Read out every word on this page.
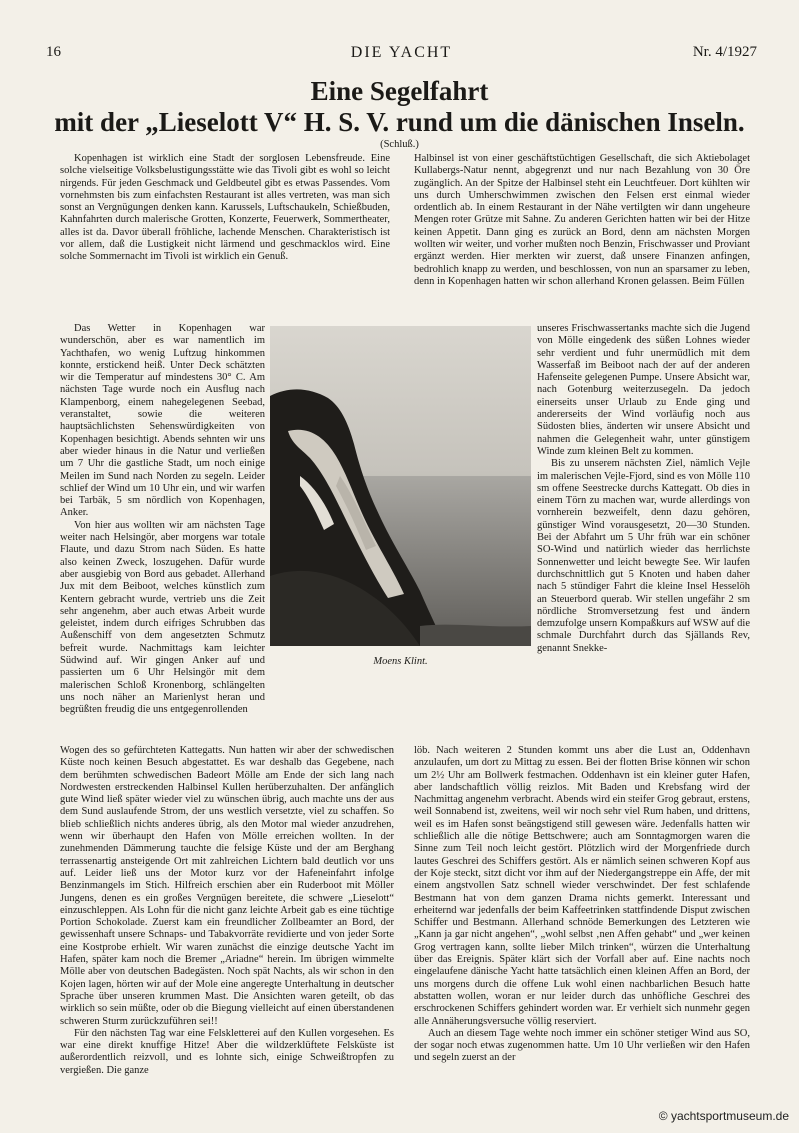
16	DIE YACHT	Nr. 4/1927
Eine Segelfahrt
mit der „Lieselott V“ H. S. V. rund um die dänischen Inseln.
(Schluß.)

Kopenhagen ist wirklich eine Stadt der sorglosen Lebensfreude. Eine solche vielseitige Volksbelustigungsstätte wie das Tivoli gibt es wohl so leicht nirgends. Für jeden Geschmack und Geldbeutel gibt es etwas Passendes. Vom vornehmsten bis zum einfachsten Restaurant ist alles vertreten, was man sich sonst an Vergnügungen denken kann. Karussels, Luftschaukeln, Schießbuden, Kahnfahrten durch malerische Grotten, Konzerte, Feuerwerk, Sommertheater, alles ist da. Davor überall fröhliche, lachende Menschen. Charakteristisch ist vor allem, daß die Lustigkeit nicht lärmend und geschmacklos wird. Eine solche Sommernacht im Tivoli ist wirklich ein Genuß.

Das Wetter in Kopenhagen war wunderschön, aber es war namentlich im Yachthafen, wo wenig Luftzug hinkommen konnte, erstickend heiß. Unter Deck schätzten wir die Temperatur auf mindestens 30° C. Am nächsten Tage wurde noch ein Ausflug nach Klampenborg, einem nahegelegenen Seebad, veranstaltet, sowie die weiteren hauptsächlichsten Sehenswürdigkeiten von Kopenhagen besichtigt. Abends sehnten wir uns aber wieder hinaus in die Natur und verließen um 7 Uhr die gastliche Stadt, um noch einige Meilen im Sund nach Norden zu segeln. Leider schlief der Wind um 10 Uhr ein, und wir warfen bei Tarbäk, 5 sm nördlich von Kopenhagen, Anker.

Von hier aus wollten wir am nächsten Tage weiter nach Helsingör, aber morgens war totale Flaute, und dazu Strom nach Süden. Es hatte also keinen Zweck, loszugehen. Dafür wurde aber ausgiebig von Bord aus gebadet. Allerhand Jux mit dem Beiboot, welches künstlich zum Kentern gebracht wurde, vertrieb uns die Zeit sehr angenehm, aber auch etwas Arbeit wurde geleistet, indem durch eifriges Schrubben das Außenschiff von dem angesetzten Schmutz befreit wurde. Nachmittags kam leichter Südwind auf. Wir gingen Anker auf und passierten um 6 Uhr Helsingör mit dem malerischen Schloß Kronenborg, schlängelten uns noch näher an Marienlyst heran und begrüßten freudig die uns entgegenrollenden

Halbinsel ist von einer geschäftstüchtigen Gesellschaft, die sich Aktiebolaget Kullabergs-Natur nennt, abgegrenzt und nur nach Bezahlung von 30 Öre zugänglich. An der Spitze der Halbinsel steht ein Leuchtfeuer. Dort kühlten wir uns durch Umherschwimmen zwischen den Felsen erst einmal wieder ordentlich ab. In einem Restaurant in der Nähe vertilgten wir dann ungeheure Mengen roter Grütze mit Sahne. Zu anderen Gerichten hatten wir bei der Hitze keinen Appetit. Dann ging es zurück an Bord, denn am nächsten Morgen wollten wir weiter, und vorher mußten noch Benzin, Frischwasser und Proviant ergänzt werden. Hier merkten wir zuerst, daß unsere Finanzen anfingen, bedrohlich knapp zu werden, und beschlossen, von nun an sparsamer zu leben, denn in Kopenhagen hatten wir schon allerhand Kronen gelassen. Beim Füllen

unseres Frischwassertanks machte sich die Jugend von Mölle eingedenk des süßen Lohnes wieder sehr verdient und fuhr unermüdlich mit dem Wasserfaß im Beiboot nach der auf der anderen Hafenseite gelegenen Pumpe. Unsere Absicht war, nach Gotenburg weiterzusegeln. Da jedoch einerseits unser Urlaub zu Ende ging und andererseits der Wind vorläufig noch aus Südosten blies, änderten wir unsere Absicht und nahmen die Gelegenheit wahr, unter günstigem Winde zum kleinen Belt zu kommen.

Bis zu unserem nächsten Ziel, nämlich Vejle im malerischen Vejle-Fjord, sind es von Mölle 110 sm offene Seestrecke durchs Kattegatt. Ob dies in einem Törn zu machen war, wurde allerdings von vornherein bezweifelt, denn dazu gehören, günstiger Wind vorausgesetzt, 20—30 Stunden. Bei der Abfahrt um 5 Uhr früh war ein schöner SO-Wind und natürlich wieder das herrlichste Sonnenwetter und leicht bewegte See. Wir laufen durchschnittlich gut 5 Knoten und haben daher nach 5 stündiger Fahrt die kleine Insel Hesselöh an Steuerbord querab. Wir stellen ungefähr 2 sm nördliche Stromversetzung fest und ändern demzufolge unsern Kompaßkurs auf WSW auf die schmale Durchfahrt durch das Själlands Rev, genannt Snekke-

Moens Klint.

Wogen des so gefürchteten Kattegatts. Nun hatten wir aber der schwedischen Küste noch keinen Besuch abgestattet. Es war deshalb das Gegebene, nach dem berühmten schwedischen Badeort Mölle am Ende der sich lang nach Nordwesten erstreckenden Halbinsel Kullen herüberzuhalten. Der anfänglich gute Wind ließ später wieder viel zu wünschen übrig, auch machte uns der aus dem Sund auslaufende Strom, der uns westlich versetzte, viel zu schaffen. So blieb schließlich nichts anderes übrig, als den Motor mal wieder anzudrehen, wenn wir überhaupt den Hafen von Mölle erreichen wollten. In der zunehmenden Dämmerung tauchte die felsige Küste und der am Berghang terrassenartig ansteigende Ort mit zahlreichen Lichtern bald deutlich vor uns auf. Leider ließ uns der Motor kurz vor der Hafeneinfahrt infolge Benzinmangels im Stich. Hilfreich erschien aber ein Ruderboot mit Möller Jungens, denen es ein großes Vergnügen bereitete, die schwere „Lieselott“ einzuschleppen. Als Lohn für die nicht ganz leichte Arbeit gab es eine tüchtige Portion Schokolade. Zuerst kam ein freundlicher Zollbeamter an Bord, der gewissenhaft unsere Schnaps- und Tabakvorräte revidierte und von jeder Sorte eine Kostprobe erhielt. Wir waren zunächst die einzige deutsche Yacht im Hafen, später kam noch die Bremer „Ariadne“ herein. Im übrigen wimmelte Mölle aber von deutschen Badegästen. Noch spät Nachts, als wir schon in den Kojen lagen, hörten wir auf der Mole eine angeregte Unterhaltung in deutscher Sprache über unseren krummen Mast. Die Ansichten waren geteilt, ob das wirklich so sein müßte, oder ob die Biegung vielleicht auf einen überstandenen schweren Sturm zurückzuführen sei!!

Für den nächsten Tag war eine Felskletterei auf den Kullen vorgesehen. Es war eine direkt knuffige Hitze! Aber die wildzerklüftete Felsküste ist außerordentlich reizvoll, und es lohnte sich, einige Schweißtropfen zu vergießen. Die ganze

löb. Nach weiteren 2 Stunden kommt uns aber die Lust an, Oddenhavn anzulaufen, um dort zu Mittag zu essen. Bei der flotten Brise können wir schon um 2½ Uhr am Bollwerk festmachen. Oddenhavn ist ein kleiner guter Hafen, aber landschaftlich völlig reizlos. Mit Baden und Krebsfang wird der Nachmittag angenehm verbracht. Abends wird ein steifer Grog gebraut, erstens, weil Sonnabend ist, zweitens, weil wir noch sehr viel Rum haben, und drittens, weil es im Hafen sonst beängstigend still gewesen wäre. Jedenfalls hatten wir schließlich alle die nötige Bettschwere; auch am Sonntagmorgen waren die Sinne zum Teil noch leicht gestört. Plötzlich wird der Morgenfriede durch lautes Geschrei des Schiffers gestört. Als er nämlich seinen schweren Kopf aus der Koje steckt, sitzt dicht vor ihm auf der Niedergangstreppe ein Affe, der mit einem angstvollen Satz schnell wieder verschwindet. Der fest schlafende Bestmann hat von dem ganzen Drama nichts gemerkt. Interessant und erheiternd war jedenfalls der beim Kaffeetrinken stattfindende Disput zwischen Schiffer und Bestmann. Allerhand schnöde Bemerkungen des Letzteren wie „Kann ja gar nicht angehen“, „wohl selbst ‚nen Affen gehabt“ und „wer keinen Grog vertragen kann, sollte lieber Milch trinken“, würzen die Unterhaltung über das Ereignis. Später klärt sich der Vorfall aber auf. Eine nachts noch eingelaufene dänische Yacht hatte tatsächlich einen kleinen Affen an Bord, der uns morgens durch die offene Luk wohl einen nachbarlichen Besuch hatte abstatten wollen, woran er nur leider durch das unhöfliche Geschrei des erschrockenen Schiffers gehindert worden war. Er verhielt sich nunmehr gegen alle Annäherungsversuche völlig reserviert.

Auch an diesem Tage wehte noch immer ein schöner stetiger Wind aus SO, der sogar noch etwas zugenommen hatte. Um 10 Uhr verließen wir den Hafen und segeln zuerst an der

© yachtsportmuseum.de
